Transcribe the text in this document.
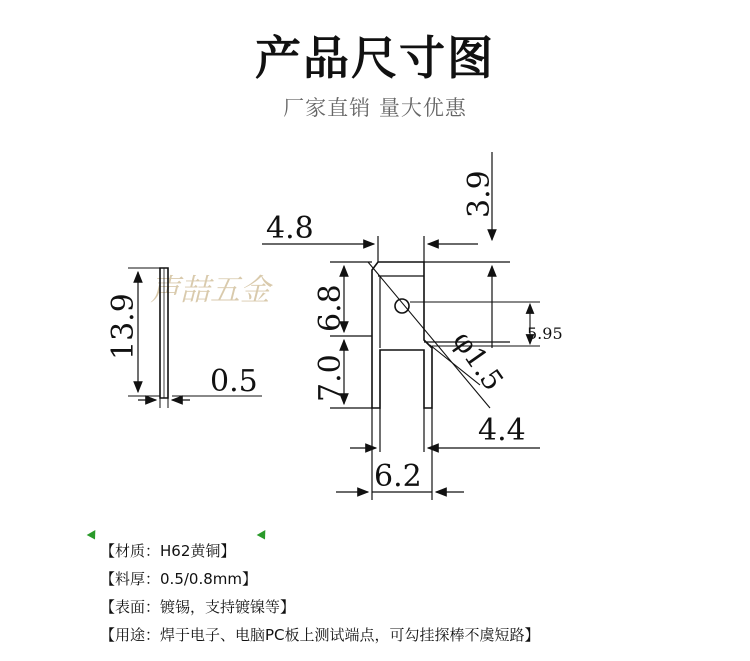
产品尺寸图
厂家直销 量大优惠
声喆五金
13.9
0.5
4.8
3.9
5.95
φ1.5
6.8
7.0
4.4
6.2
【材质：H62黄铜】
【料厚：0.5/0.8mm】
【表面：镀锡，支持镀镍等】
【用途：焊于电子、电脑PC板上测试端点，可勾挂探棒不虞短路】
